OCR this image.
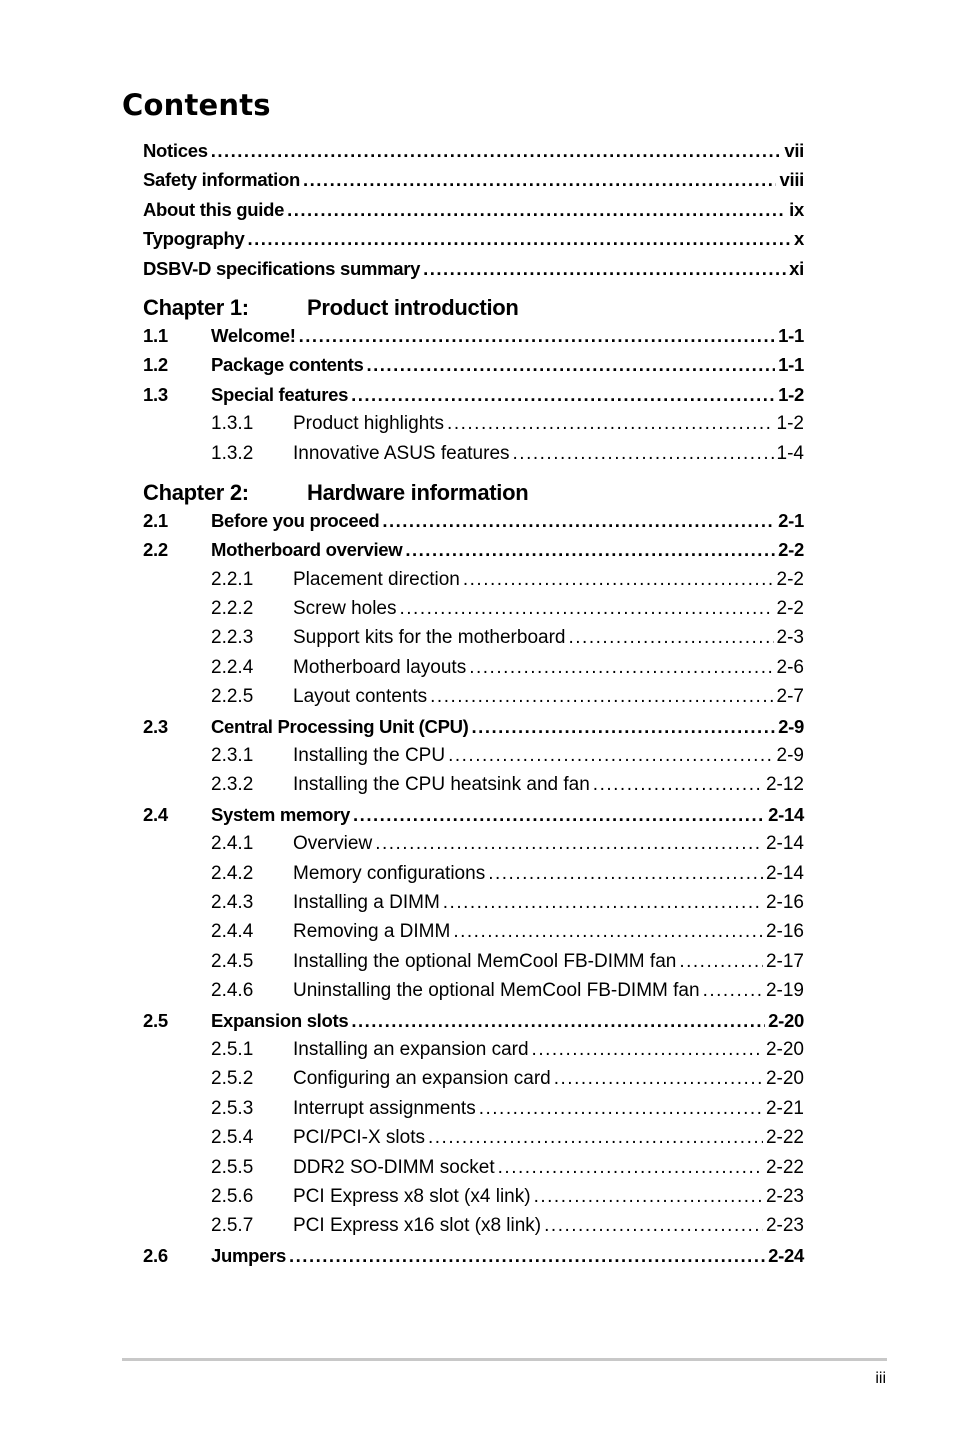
Contents
Notices .....	vii
Safety information .....	viii
About this guide .....	ix
Typography .....	x
DSBV-D specifications summary .....	xi
Chapter 1:	Product introduction
1.1	Welcome! .....	1-1
1.2	Package contents .....	1-1
1.3	Special features .....	1-2
1.3.1	Product highlights .....	1-2
1.3.2	Innovative ASUS features .....	1-4
Chapter 2:	Hardware information
2.1	Before you proceed .....	2-1
2.2	Motherboard overview .....	2-2
2.2.1	Placement direction .....	2-2
2.2.2	Screw holes .....	2-2
2.2.3	Support kits for the motherboard .....	2-3
2.2.4	Motherboard layouts .....	2-6
2.2.5	Layout contents .....	2-7
2.3	Central Processing Unit (CPU) .....	2-9
2.3.1	Installing the CPU .....	2-9
2.3.2	Installing the CPU heatsink and fan .....	2-12
2.4	System memory .....	2-14
2.4.1	Overview .....	2-14
2.4.2	Memory configurations .....	2-14
2.4.3	Installing a DIMM .....	2-16
2.4.4	Removing a DIMM .....	2-16
2.4.5	Installing the optional MemCool FB-DIMM fan .....	2-17
2.4.6	Uninstalling the optional MemCool FB-DIMM fan .....	2-19
2.5	Expansion slots .....	2-20
2.5.1	Installing an expansion card .....	2-20
2.5.2	Configuring an expansion card .....	2-20
2.5.3	Interrupt assignments .....	2-21
2.5.4	PCI/PCI-X slots .....	2-22
2.5.5	DDR2 SO-DIMM socket .....	2-22
2.5.6	PCI Express x8 slot (x4 link) .....	2-23
2.5.7	PCI Express x16 slot (x8 link) .....	2-23
2.6	Jumpers .....	2-24
iii
